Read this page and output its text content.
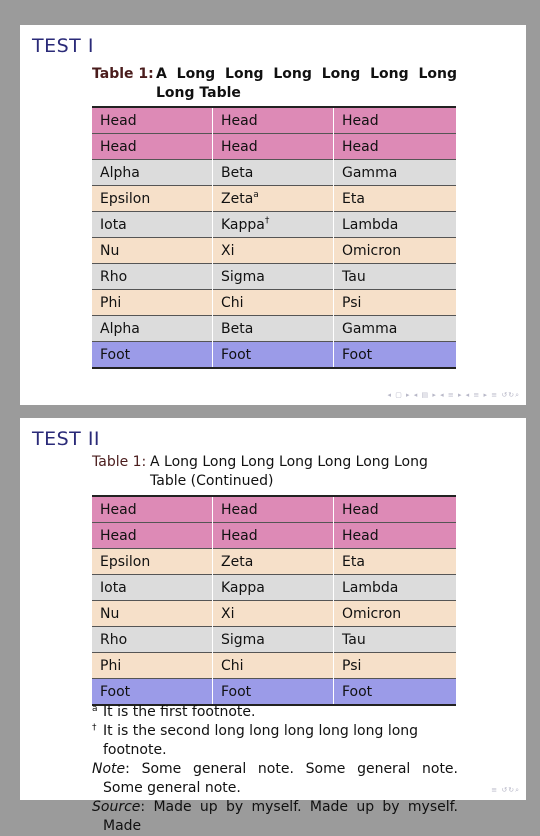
TEST I
Table 1: A Long Long Long Long Long Long Long Table
Head	Head	Head
Head	Head	Head
Alpha	Beta	Gamma
Epsilon	Zeta$^a$	Eta
Iota	Kappa†	Lambda
Nu	Xi	Omicron
Rho	Sigma	Tau
Phi	Chi	Psi
Alpha	Beta	Gamma
Foot	Foot	Foot
◂ ▢ ▸ ◂ ▤ ▸ ◂ ≡ ▸ ◂ ≡ ▸ ≡ ↺↻⌕
TEST II
Table 1: A Long Long Long Long Long Long Long Table (Continued)
Head	Head	Head
Head	Head	Head
Epsilon	Zeta	Eta
Iota	Kappa	Lambda
Nu	Xi	Omicron
Rho	Sigma	Tau
Phi	Chi	Psi
Foot	Foot	Foot
a It is the first footnote.
† It is the second long long long long long long footnote.
Note: Some general note. Some general note. Some general note.
Source: Made up by myself. Made up by myself. Made
≡ ↺↻⌕
